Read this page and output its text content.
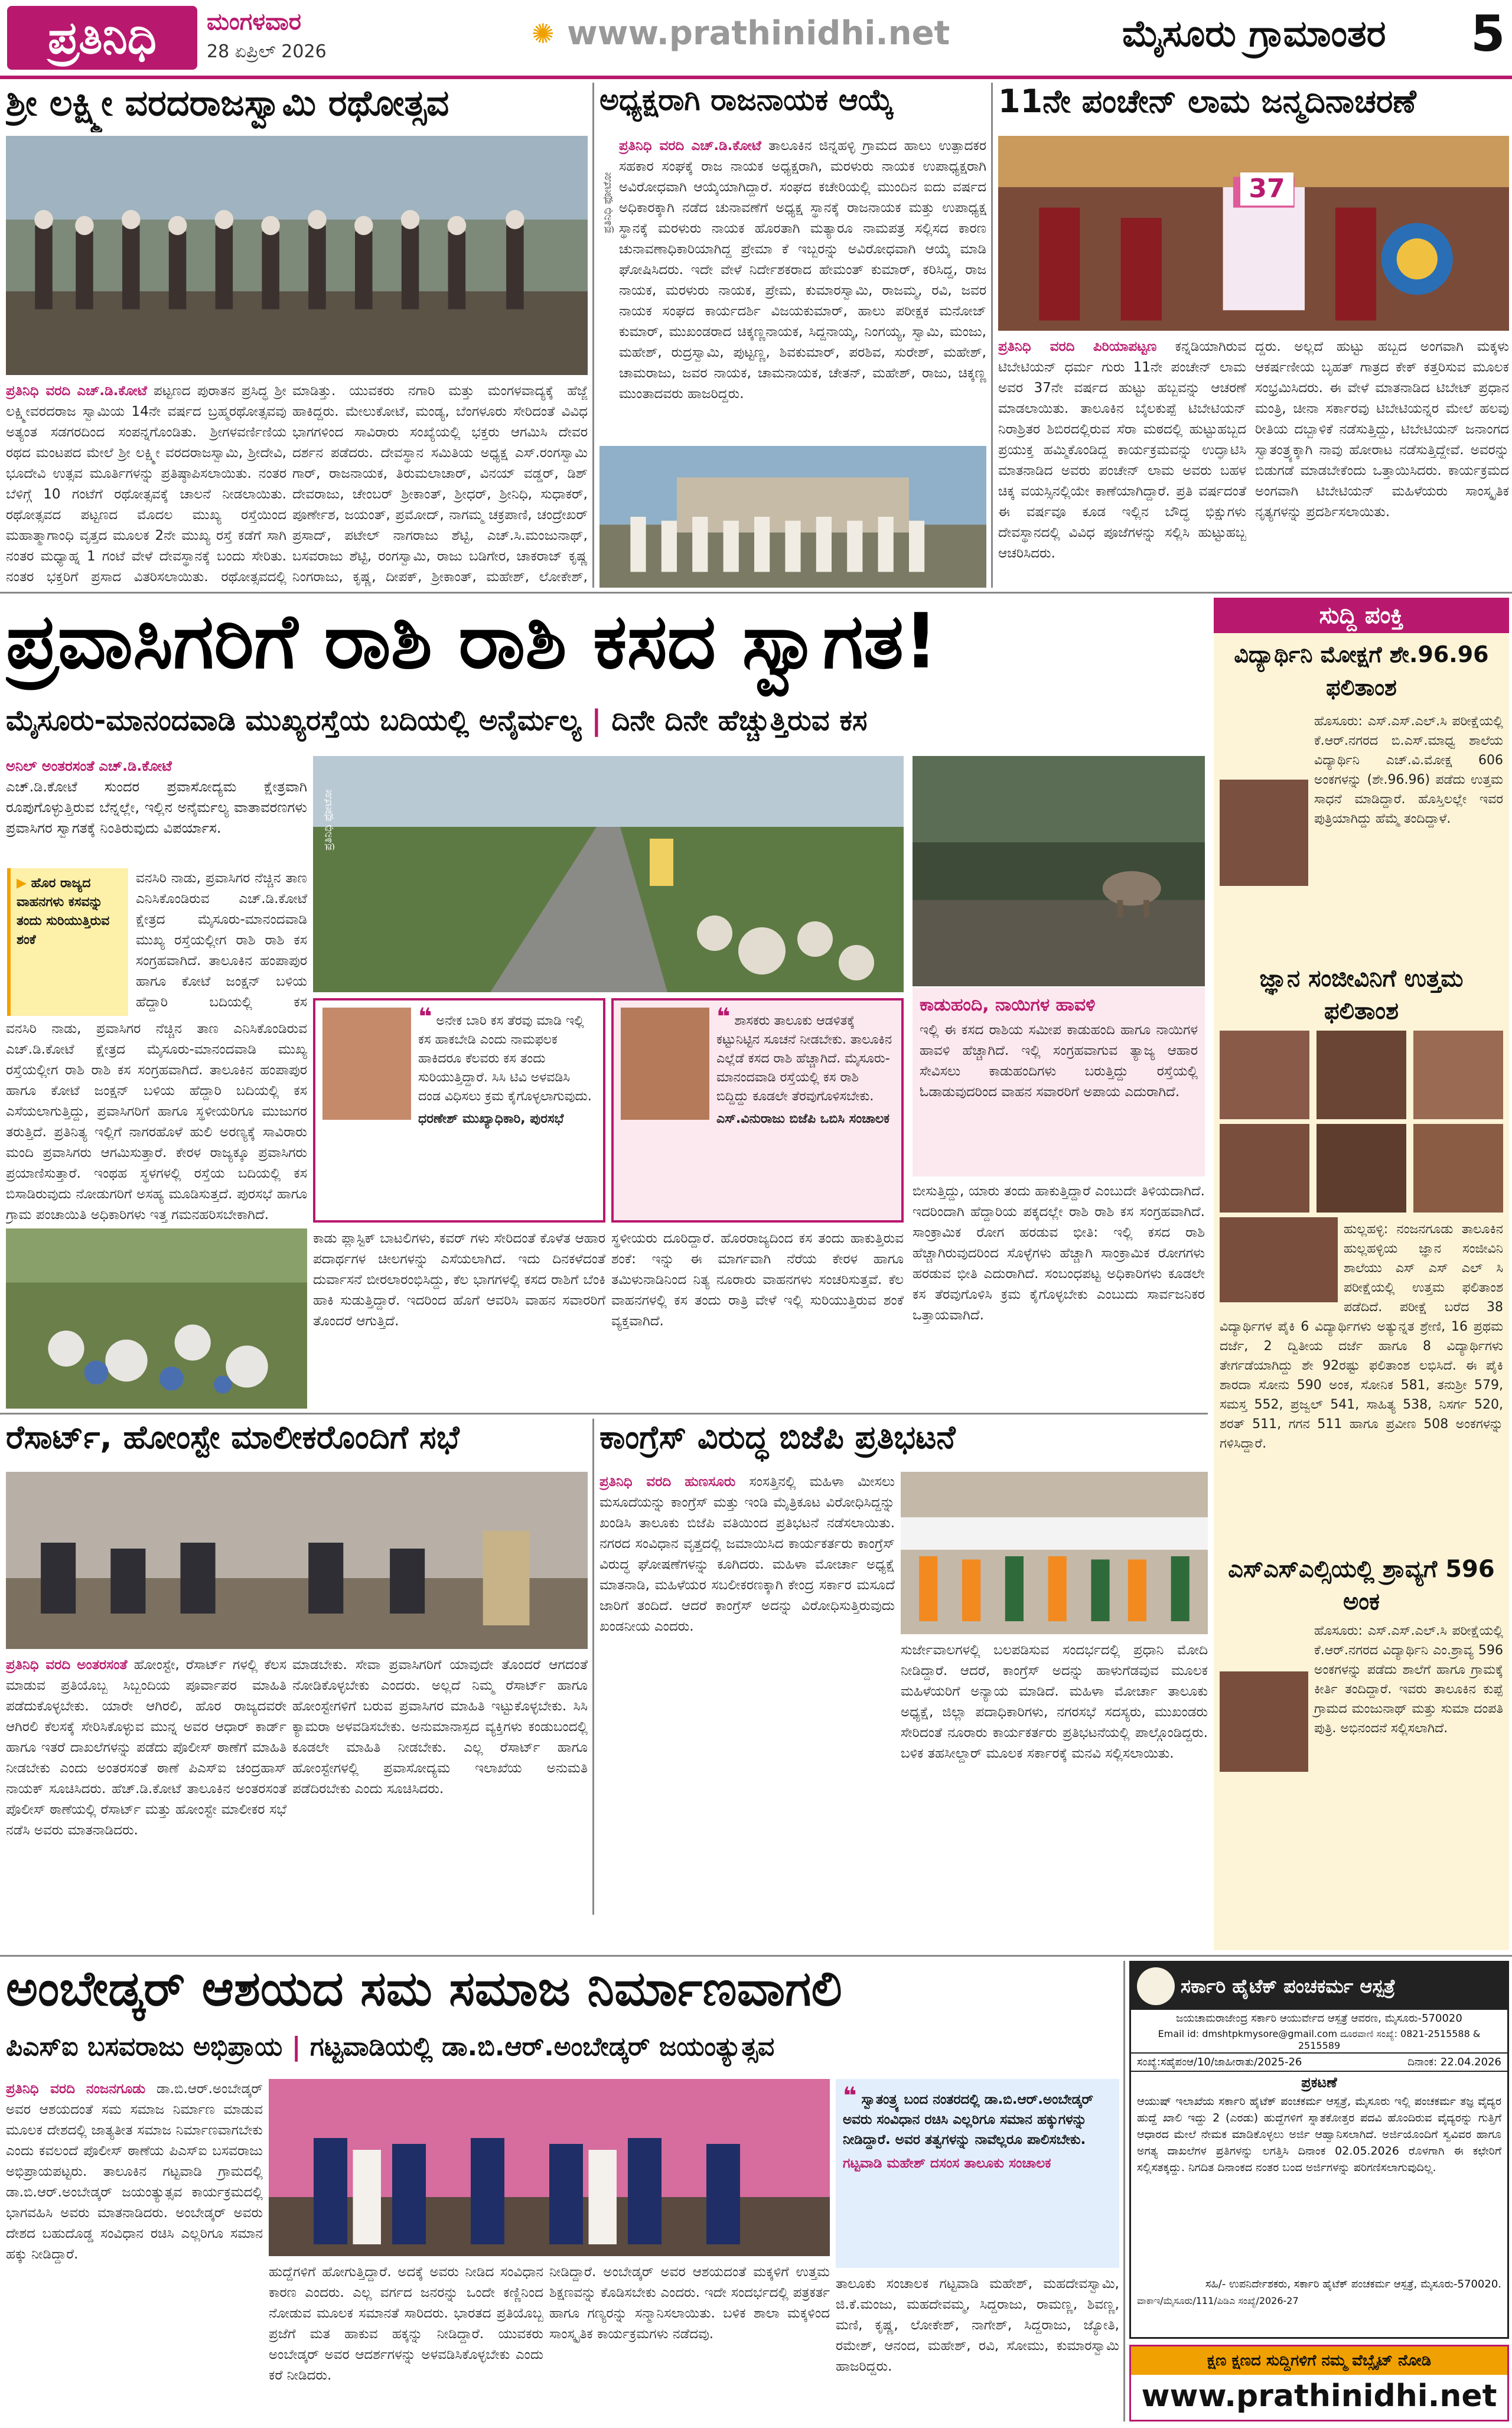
ಪ್ರತಿನಿಧಿ	ಮಂಗಳವಾರ
28 ಏಪ್ರಿಲ್ 2026
✺ www.prathinidhi.net	ಮೈಸೂರು ಗ್ರಾಮಾಂತರ 5
ಶ್ರೀ ಲಕ್ಷ್ಮೀ ವರದರಾಜಸ್ವಾಮಿ ರಥೋತ್ಸವ
ಪ್ರತಿನಿಧಿ ವರದಿ ಎಚ್.ಡಿ.ಕೋಟೆ ಪಟ್ಟಣದ ಪುರಾತನ ಪ್ರಸಿದ್ಧ ಶ್ರೀ ಲಕ್ಷ್ಮೀವರದರಾಜ ಸ್ವಾಮಿಯ 14ನೇ ವರ್ಷದ ಬ್ರಹ್ಮರಥೋತ್ಸವವು ಅತ್ಯಂತ ಸಡಗರದಿಂದ ಸಂಪನ್ನಗೊಂಡಿತು. ಶ್ರೀಗಳವರ್ಣಿಣಿಯ ರಥದ ಮಂಟಪದ ಮೇಲೆ ಶ್ರೀ ಲಕ್ಷ್ಮೀ ವರದರಾಜಸ್ವಾಮಿ, ಶ್ರೀದೇವಿ, ಭೂದೇವಿ ಉತ್ಸವ ಮೂರ್ತಿಗಳನ್ನು ಪ್ರತಿಷ್ಠಾಪಿಸಲಾಯಿತು. ನಂತರ ಬೆಳಿಗ್ಗೆ 10 ಗಂಟೆಗೆ ರಥೋತ್ಸವಕ್ಕೆ ಚಾಲನೆ ನೀಡಲಾಯಿತು. ರಥೋತ್ಸವದ ಪಟ್ಟಣದ ಮೊದಲ ಮುಖ್ಯ ರಸ್ತೆಯಿಂದ ಮಹಾತ್ಮಾಗಾಂಧಿ ವೃತ್ತದ ಮೂಲಕ 2ನೇ ಮುಖ್ಯ ರಸ್ತೆ ಕಡೆಗೆ ಸಾಗಿ ನಂತರ ಮಧ್ಯಾಹ್ನ 1 ಗಂಟೆ ವೇಳೆ ದೇವಸ್ಥಾನಕ್ಕೆ ಬಂದು ಸೇರಿತು. ನಂತರ ಭಕ್ತರಿಗೆ ಪ್ರಸಾದ ವಿತರಿಸಲಾಯಿತು. ರಥೋತ್ಸವದಲ್ಲಿ
ಮಾಡಿತ್ತು. ಯುವಕರು ನಗಾರಿ ಮತ್ತು ಮಂಗಳವಾದ್ಯಕ್ಕೆ ಹೆಜ್ಜೆ ಹಾಕಿದ್ದರು. ಮೇಲುಕೋಟೆ, ಮಂಡ್ಯ, ಬೆಂಗಳೂರು ಸೇರಿದಂತೆ ವಿವಿಧ ಭಾಗಗಳಿಂದ ಸಾವಿರಾರು ಸಂಖ್ಯೆಯಲ್ಲಿ ಭಕ್ತರು ಆಗಮಿಸಿ ದೇವರ ದರ್ಶನ ಪಡೆದರು. ದೇವಸ್ಥಾನ ಸಮಿತಿಯ ಅಧ್ಯಕ್ಷ ಎಸ್.ರಂಗಸ್ವಾಮಿ ಗಾರ್, ರಾಜನಾಯಕ, ತಿರುಮಲಾಚಾರ್, ವಿನಯ್ ವಡ್ಡರ್, ಡಿಶ್ ದೇವರಾಜು, ಚೇಂಬರ್ ಶ್ರೀಕಾಂತ್, ಶ್ರೀಧರ್, ಶ್ರೀನಿಧಿ, ಸುಧಾಕರ್, ಪೂರ್ಣೇಶ, ಜಯಂತ್, ಪ್ರಮೋದ್, ನಾಗಮ್ಮ ಚಕ್ರಪಾಣಿ, ಚಂದ್ರೇಖರ್ ಪ್ರಸಾದ್, ಪಟೇಲ್ ನಾಗರಾಜು ಶೆಟ್ಟಿ, ಎಚ್.ಸಿ.ಮಂಜುನಾಥ್, ಬಸವರಾಜು ಶೆಟ್ಟಿ, ರಂಗಸ್ವಾಮಿ, ರಾಜು ಬಡಿಗೇರ, ಚಾಕರಾಜ್ ಕೃಷ್ಣ ನಿಂಗರಾಜು, ಕೃಷ್ಣ, ದೀಪಕ್, ಶ್ರೀಕಾಂತ್, ಮಹೇಶ್, ಲೋಕೇಶ್,
ಅಧ್ಯಕ್ಷರಾಗಿ ರಾಜನಾಯಕ ಆಯ್ಕೆ
ಪ್ರತಿನಿಧಿ ಫೋಟೋ
ಪ್ರತಿನಿಧಿ ವರದಿ ಎಚ್.ಡಿ.ಕೋಟೆ ತಾಲೂಕಿನ ಜಿನ್ನಹಳ್ಳಿ ಗ್ರಾಮದ ಹಾಲು ಉತ್ಪಾದಕರ ಸಹಕಾರ ಸಂಘಕ್ಕೆ ರಾಜ ನಾಯಕ ಅಧ್ಯಕ್ಷರಾಗಿ, ಮರಳುರು ನಾಯಕ ಉಪಾಧ್ಯಕ್ಷರಾಗಿ ಅವಿರೋಧವಾಗಿ ಆಯ್ಕೆಯಾಗಿದ್ದಾರೆ. ಸಂಘದ ಕಚೇರಿಯಲ್ಲಿ ಮುಂದಿನ ಐದು ವರ್ಷದ ಅಧಿಕಾರಕ್ಕಾಗಿ ನಡೆದ ಚುನಾವಣೆಗೆ ಅಧ್ಯಕ್ಷ ಸ್ಥಾನಕ್ಕೆ ರಾಜನಾಯಕ ಮತ್ತು ಉಪಾಧ್ಯಕ್ಷ ಸ್ಥಾನಕ್ಕೆ ಮರಳುರು ನಾಯಕ ಹೊರತಾಗಿ ಮತ್ಯಾರೂ ನಾಮಪತ್ರ ಸಲ್ಲಿಸದ ಕಾರಣ ಚುನಾವಣಾಧಿಕಾರಿಯಾಗಿದ್ದ ಪ್ರೇಮಾ ಕೆ ಇಬ್ಬರನ್ನು ಅವಿರೋಧವಾಗಿ ಆಯ್ಕೆ ಮಾಡಿ ಘೋಷಿಸಿದರು. ಇದೇ ವೇಳೆ ನಿರ್ದೇಶಕರಾದ ಹೇಮಂತ್ ಕುಮಾರ್, ಕರಿಸಿದ್ದ, ರಾಜ ನಾಯಕ, ಮರಳುರು ನಾಯಕ, ಪ್ರೇಮ, ಕುಮಾರಸ್ವಾಮಿ, ರಾಜಮ್ಮ, ರವಿ, ಜವರ ನಾಯಕ ಸಂಘದ ಕಾರ್ಯದರ್ಶಿ ವಿಜಯಕುಮಾರ್, ಹಾಲು ಪರೀಕ್ಷಕ ಮನೋಜ್ ಕುಮಾರ್, ಮುಖಂಡರಾದ ಚಿಕ್ಕಣ್ಣನಾಯಕ, ಸಿದ್ದನಾಯ್ಕ, ನಿಂಗಯ್ಯ, ಸ್ವಾಮಿ, ಮಂಜು, ಮಹೇಶ್, ರುದ್ರಸ್ವಾಮಿ, ಪುಟ್ಟಣ್ಣ, ಶಿವಕುಮಾರ್, ಪರಶಿವ, ಸುರೇಶ್, ಮಹೇಶ್, ಚಾಮರಾಜು, ಜವರ ನಾಯಕ, ಚಾಮನಾಯಕ, ಚೇತನ್, ಮಹೇಶ್, ರಾಜು, ಚಿಕ್ಕಣ್ಣ ಮುಂತಾದವರು ಹಾಜರಿದ್ದರು.
11ನೇ ಪಂಚೇನ್ ಲಾಮ ಜನ್ಮದಿನಾಚರಣೆ
37
ಪ್ರತಿನಿಧಿ ವರದಿ ಪಿರಿಯಾಪಟ್ಟಣ ಕನ್ನಡಿಯಾಗಿರುವ ಟಿಬೇಟಿಯನ್ ಧರ್ಮ ಗುರು 11ನೇ ಪಂಚೇನ್ ಲಾಮ ಅವರ 37ನೇ ವರ್ಷದ ಹುಟ್ಟು ಹಬ್ಬವನ್ನು ಆಚರಣೆ ಮಾಡಲಾಯಿತು. ತಾಲೂಕಿನ ಬೈಲಕುಪ್ಪೆ ಟಿಬೇಟಿಯನ್ ನಿರಾಶ್ರಿತರ ಶಿಬಿರದಲ್ಲಿರುವ ಸೆರಾ ಮಠದಲ್ಲಿ ಹುಟ್ಟುಹಬ್ಬದ ಪ್ರಯುಕ್ತ ಹಮ್ಮಿಕೊಂಡಿದ್ದ ಕಾರ್ಯಕ್ರಮವನ್ನು ಉದ್ಘಾಟಿಸಿ ಮಾತನಾಡಿದ ಅವರು ಪಂಚೇನ್ ಲಾಮ ಅವರು ಬಹಳ ಚಿಕ್ಕ ವಯಸ್ಸಿನಲ್ಲಿಯೇ ಕಾಣೆಯಾಗಿದ್ದಾರೆ. ಪ್ರತಿ ವರ್ಷದಂತೆ ಈ ವರ್ಷವೂ ಕೂಡ ಇಲ್ಲಿನ ಬೌದ್ಧ ಭಿಕ್ಷುಗಳು ದೇವಸ್ಥಾನದಲ್ಲಿ ವಿವಿಧ ಪೂಜೆಗಳನ್ನು ಸಲ್ಲಿಸಿ ಹುಟ್ಟುಹಬ್ಬ ಆಚರಿಸಿದರು.
ದ್ದರು. ಅಲ್ಲದೆ ಹುಟ್ಟು ಹಬ್ಬದ ಅಂಗವಾಗಿ ಮಕ್ಕಳು ಆಕರ್ಷಣೀಯ ಬೃಹತ್ ಗಾತ್ರದ ಕೇಕ್ ಕತ್ತರಿಸುವ ಮೂಲಕ ಸಂಭ್ರಮಿಸಿದರು. ಈ ವೇಳೆ ಮಾತನಾಡಿದ ಟಿಬೇಟ್ ಪ್ರಧಾನ ಮಂತ್ರಿ, ಚೀನಾ ಸರ್ಕಾರವು ಟಿಬೇಟಿಯನ್ನರ ಮೇಲೆ ಹಲವು ರೀತಿಯ ದಬ್ಬಾಳಿಕೆ ನಡೆಸುತ್ತಿದ್ದು, ಟಿಬೇಟಿಯನ್ ಜನಾಂಗದ ಸ್ವಾತಂತ್ರ್ಯಕ್ಕಾಗಿ ನಾವು ಹೋರಾಟ ನಡೆಸುತ್ತಿದ್ದೇವೆ. ಅವರನ್ನು ಬಿಡುಗಡೆ ಮಾಡಬೇಕೆಂದು ಒತ್ತಾಯಿಸಿದರು. ಕಾರ್ಯಕ್ರಮದ ಅಂಗವಾಗಿ ಟಿಬೇಟಿಯನ್ ಮಹಿಳೆಯರು ಸಾಂಸ್ಕೃತಿಕ ನೃತ್ಯಗಳನ್ನು ಪ್ರದರ್ಶಿಸಲಾಯಿತು.
ಪ್ರವಾಸಿಗರಿಗೆ ರಾಶಿ ರಾಶಿ ಕಸದ ಸ್ವಾಗತ!
ಮೈಸೂರು-ಮಾನಂದವಾಡಿ ಮುಖ್ಯರಸ್ತೆಯ ಬದಿಯಲ್ಲಿ ಅನೈರ್ಮಲ್ಯ | ದಿನೇ ದಿನೇ ಹೆಚ್ಚುತ್ತಿರುವ ಕಸ
ಅನಿಲ್ ಅಂತರಸಂತೆ ಎಚ್.ಡಿ.ಕೋಟೆ
ಎಚ್.ಡಿ.ಕೋಟೆ ಸುಂದರ ಪ್ರವಾಸೋದ್ಯಮ ಕ್ಷೇತ್ರವಾಗಿ ರೂಪುಗೊಳ್ಳುತ್ತಿರುವ ಬೆನ್ನಲ್ಲೇ, ಇಲ್ಲಿನ ಅನೈರ್ಮಲ್ಯ ವಾತಾವರಣಗಳು ಪ್ರವಾಸಿಗರ ಸ್ವಾಗತಕ್ಕೆ ನಿಂತಿರುವುದು ವಿಪರ್ಯಾಸ.
▶ ಹೊರ ರಾಜ್ಯದ ವಾಹನಗಳು ಕಸವನ್ನು ತಂದು ಸುರಿಯುತ್ತಿರುವ ಶಂಕೆ
ವನಸಿರಿ ನಾಡು, ಪ್ರವಾಸಿಗರ ನೆಚ್ಚಿನ ತಾಣ ಎನಿಸಿಕೊಂಡಿರುವ ಎಚ್.ಡಿ.ಕೋಟೆ ಕ್ಷೇತ್ರದ ಮೈಸೂರು-ಮಾನಂದವಾಡಿ ಮುಖ್ಯ ರಸ್ತೆಯಲ್ಲೀಗ ರಾಶಿ ರಾಶಿ ಕಸ ಸಂಗ್ರಹವಾಗಿದೆ. ತಾಲೂಕಿನ ಹಂಪಾಪುರ ಹಾಗೂ ಕೋಟೆ ಜಂಕ್ಷನ್ ಬಳಿಯ ಹೆದ್ದಾರಿ ಬದಿಯಲ್ಲಿ ಕಸ
ವನಸಿರಿ ನಾಡು, ಪ್ರವಾಸಿಗರ ನೆಚ್ಚಿನ ತಾಣ ಎನಿಸಿಕೊಂಡಿರುವ ಎಚ್.ಡಿ.ಕೋಟೆ ಕ್ಷೇತ್ರದ ಮೈಸೂರು-ಮಾನಂದವಾಡಿ ಮುಖ್ಯ ರಸ್ತೆಯಲ್ಲೀಗ ರಾಶಿ ರಾಶಿ ಕಸ ಸಂಗ್ರಹವಾಗಿದೆ. ತಾಲೂಕಿನ ಹಂಪಾಪುರ ಹಾಗೂ ಕೋಟೆ ಜಂಕ್ಷನ್ ಬಳಿಯ ಹೆದ್ದಾರಿ ಬದಿಯಲ್ಲಿ ಕಸ ಎಸೆಯಲಾಗುತ್ತಿದ್ದು, ಪ್ರವಾಸಿಗರಿಗೆ ಹಾಗೂ ಸ್ಥಳೀಯರಿಗೂ ಮುಜುಗರ ತರುತ್ತಿದೆ. ಪ್ರತಿನಿತ್ಯ ಇಲ್ಲಿಗೆ ನಾಗರಹೊಳೆ ಹುಲಿ ಅರಣ್ಯಕ್ಕೆ ಸಾವಿರಾರು ಮಂದಿ ಪ್ರವಾಸಿಗರು ಆಗಮಿಸುತ್ತಾರೆ. ಕೇರಳ ರಾಜ್ಯಕ್ಕೂ ಪ್ರವಾಸಿಗರು ಪ್ರಯಾಣಿಸುತ್ತಾರೆ. ಇಂಥಹ ಸ್ಥಳಗಳಲ್ಲಿ ರಸ್ತೆಯ ಬದಿಯಲ್ಲಿ ಕಸ ಬಿಸಾಡಿರುವುದು ನೋಡುಗರಿಗೆ ಅಸಹ್ಯ ಮೂಡಿಸುತ್ತದೆ. ಪುರಸಭೆ ಹಾಗೂ ಗ್ರಾಮ ಪಂಚಾಯಿತಿ ಅಧಿಕಾರಿಗಳು ಇತ್ತ ಗಮನಹರಿಸಬೇಕಾಗಿದೆ.
ಪ್ರತಿನಿಧಿ ಫೋಟೋ
ಕಾಡುಹಂದಿ, ನಾಯಿಗಳ ಹಾವಳಿ
ಇಲ್ಲಿ ಈ ಕಸದ ರಾಶಿಯ ಸಮೀಪ ಕಾಡುಹಂದಿ ಹಾಗೂ ನಾಯಿಗಳ ಹಾವಳಿ ಹೆಚ್ಚಾಗಿದೆ. ಇಲ್ಲಿ ಸಂಗ್ರಹವಾಗುವ ತ್ಯಾಜ್ಯ ಆಹಾರ ಸೇವಿಸಲು ಕಾಡುಹಂದಿಗಳು ಬರುತ್ತಿದ್ದು ರಸ್ತೆಯಲ್ಲಿ ಓಡಾಡುವುದರಿಂದ ವಾಹನ ಸವಾರರಿಗೆ ಅಪಾಯ ಎದುರಾಗಿದೆ.
❝ ಅನೇಕ ಬಾರಿ ಕಸ ತೆರವು ಮಾಡಿ ಇಲ್ಲಿ ಕಸ ಹಾಕಬೇಡಿ ಎಂದು ನಾಮಫಲಕ ಹಾಕಿದರೂ ಕೆಲವರು ಕಸ ತಂದು ಸುರಿಯುತ್ತಿದ್ದಾರೆ. ಸಿಸಿ ಟಿವಿ ಅಳವಡಿಸಿ ದಂಡ ವಿಧಿಸಲು ಕ್ರಮ ಕೈಗೊಳ್ಳಲಾಗುವುದು.
ಧರಣೇಶ್ ಮುಖ್ಯಾಧಿಕಾರಿ, ಪುರಸಭೆ
❝ ಶಾಸಕರು ತಾಲೂಕು ಆಡಳಿತಕ್ಕೆ ಕಟ್ಟುನಿಟ್ಟಿನ ಸೂಚನೆ ನೀಡಬೇಕು. ತಾಲೂಕಿನ ಎಲ್ಲೆಡೆ ಕಸದ ರಾಶಿ ಹೆಚ್ಚಾಗಿದೆ. ಮೈಸೂರು-ಮಾನಂದವಾಡಿ ರಸ್ತೆಯಲ್ಲಿ ಕಸ ರಾಶಿ ಬಿದ್ದಿದ್ದು ಕೂಡಲೇ ತೆರವುಗೊಳಿಸಬೇಕು.
ಎಸ್.ವಿನುರಾಜು ಬಿಜೆಪಿ ಒಬಿಸಿ ಸಂಚಾಲಕ
ಕಾಡು ಪ್ಲಾಸ್ಟಿಕ್ ಬಾಟಲಿಗಳು, ಕವರ್ ಗಳು ಸೇರಿದಂತೆ ಕೊಳೆತ ಆಹಾರ ಪದಾರ್ಥಗಳ ಚೀಲಗಳನ್ನು ಎಸೆಯಲಾಗಿದೆ. ಇದು ದಿನಕಳೆದಂತೆ ದುರ್ವಾಸನೆ ಬೀರಲಾರಂಭಿಸಿದ್ದು, ಕೆಲ ಭಾಗಗಳಲ್ಲಿ ಕಸದ ರಾಶಿಗೆ ಬೆಂಕಿ ಹಾಕಿ ಸುಡುತ್ತಿದ್ದಾರೆ. ಇದರಿಂದ ಹೊಗೆ ಆವರಿಸಿ ವಾಹನ ಸವಾರರಿಗೆ ತೊಂದರೆ ಆಗುತ್ತಿದೆ.
ಸ್ಥಳೀಯರು ದೂರಿದ್ದಾರೆ. ಹೊರರಾಜ್ಯದಿಂದ ಕಸ ತಂದು ಹಾಕುತ್ತಿರುವ ಶಂಕೆ: ಇನ್ನು ಈ ಮಾರ್ಗವಾಗಿ ನೆರೆಯ ಕೇರಳ ಹಾಗೂ ತಮಿಳುನಾಡಿನಿಂದ ನಿತ್ಯ ನೂರಾರು ವಾಹನಗಳು ಸಂಚರಿಸುತ್ತವೆ. ಕೆಲ ವಾಹನಗಳಲ್ಲಿ ಕಸ ತಂದು ರಾತ್ರಿ ವೇಳೆ ಇಲ್ಲಿ ಸುರಿಯುತ್ತಿರುವ ಶಂಕೆ ವ್ಯಕ್ತವಾಗಿದೆ.
ಬೀಸುತ್ತಿದ್ದು, ಯಾರು ತಂದು ಹಾಕುತ್ತಿದ್ದಾರೆ ಎಂಬುದೇ ತಿಳಿಯದಾಗಿದೆ. ಇದರಿಂದಾಗಿ ಹೆದ್ದಾರಿಯ ಪಕ್ಕದಲ್ಲೇ ರಾಶಿ ರಾಶಿ ಕಸ ಸಂಗ್ರಹವಾಗಿದೆ. ಸಾಂಕ್ರಾಮಿಕ ರೋಗ ಹರಡುವ ಭೀತಿ: ಇಲ್ಲಿ ಕಸದ ರಾಶಿ ಹೆಚ್ಚಾಗಿರುವುದರಿಂದ ಸೊಳ್ಳೆಗಳು ಹೆಚ್ಚಾಗಿ ಸಾಂಕ್ರಾಮಿಕ ರೋಗಗಳು ಹರಡುವ ಭೀತಿ ಎದುರಾಗಿದೆ. ಸಂಬಂಧಪಟ್ಟ ಅಧಿಕಾರಿಗಳು ಕೂಡಲೇ ಕಸ ತೆರವುಗೊಳಿಸಿ ಕ್ರಮ ಕೈಗೊಳ್ಳಬೇಕು ಎಂಬುದು ಸಾರ್ವಜನಿಕರ ಒತ್ತಾಯವಾಗಿದೆ.
ಸುದ್ದಿ ಪಂಕ್ತಿ
ವಿದ್ಯಾರ್ಥಿನಿ ಮೋಕ್ಷಗೆ ಶೇ.96.96 ಫಲಿತಾಂಶ
ಹೊಸೂರು: ಎಸ್.ಎಸ್.ಎಲ್.ಸಿ ಪರೀಕ್ಷೆಯಲ್ಲಿ ಕೆ.ಆರ್.ನಗರದ ಬಿ.ಎಸ್.ಮಾಧ್ವ ಶಾಲೆಯ ವಿದ್ಯಾರ್ಥಿನಿ ಎಚ್.ವಿ.ಮೋಕ್ಷ 606 ಅಂಕಗಳನ್ನು (ಶೇ.96.96) ಪಡೆದು ಉತ್ತಮ ಸಾಧನೆ ಮಾಡಿದ್ದಾರೆ. ಹೊಸ್ತಿಲಲ್ಲೇ ಇವರ ಪುತ್ರಿಯಾಗಿದ್ದು ಹೆಮ್ಮೆ ತಂದಿದ್ದಾಳೆ.
ಜ್ಞಾನ ಸಂಜೀವಿನಿಗೆ ಉತ್ತಮ ಫಲಿತಾಂಶ
ಹುಲ್ಲಹಳ್ಳಿ: ನಂಜನಗೂಡು ತಾಲೂಕಿನ ಹುಲ್ಲಹಳ್ಳಿಯ ಜ್ಞಾನ ಸಂಜೀವಿನಿ ಶಾಲೆಯು ಎಸ್ ಎಸ್ ಎಲ್ ಸಿ ಪರೀಕ್ಷೆಯಲ್ಲಿ ಉತ್ತಮ ಫಲಿತಾಂಶ ಪಡೆದಿದೆ. ಪರೀಕ್ಷೆ ಬರೆದ 38 ವಿದ್ಯಾರ್ಥಿಗಳ ಪೈಕಿ 6 ವಿದ್ಯಾರ್ಥಿಗಳು ಅತ್ಯುನ್ನತ ಶ್ರೇಣಿ, 16 ಪ್ರಥಮ ದರ್ಜೆ, 2 ದ್ವಿತೀಯ ದರ್ಜೆ ಹಾಗೂ 8 ವಿದ್ಯಾರ್ಥಿಗಳು ತೇರ್ಗಡೆಯಾಗಿದ್ದು ಶೇ 92ರಷ್ಟು ಫಲಿತಾಂಶ ಲಭಿಸಿದೆ. ಈ ಪೈಕಿ ಶಾರದಾ ಸೋನು 590 ಅಂಕ, ಸೋನಿಕ 581, ತನುಶ್ರೀ 579, ಸಮಸ್ತ 552, ಪ್ರಜ್ವಲ್ 541, ಸಾಹಿತ್ಯ 538, ನಿಸರ್ಗ 520, ಶರತ್ 511, ಗಗನ 511 ಹಾಗೂ ಪ್ರವೀಣ 508 ಅಂಕಗಳನ್ನು ಗಳಿಸಿದ್ದಾರೆ.
ಎಸ್ಎಸ್ಎಲ್ಸಿಯಲ್ಲಿ ಶ್ರಾವ್ಯಗೆ 596 ಅಂಕ
ಹೊಸೂರು: ಎಸ್.ಎಸ್.ಎಲ್.ಸಿ ಪರೀಕ್ಷೆಯಲ್ಲಿ ಕೆ.ಆರ್.ನಗರದ ವಿದ್ಯಾರ್ಥಿನಿ ಎಂ.ಶ್ರಾವ್ಯ 596 ಅಂಕಗಳನ್ನು ಪಡೆದು ಶಾಲೆಗೆ ಹಾಗೂ ಗ್ರಾಮಕ್ಕೆ ಕೀರ್ತಿ ತಂದಿದ್ದಾರೆ. ಇವರು ತಾಲೂಕಿನ ಕುಪ್ಪೆ ಗ್ರಾಮದ ಮಂಜುನಾಥ್ ಮತ್ತು ಸುಮಾ ದಂಪತಿ ಪುತ್ರಿ. ಅಭಿನಂದನೆ ಸಲ್ಲಿಸಲಾಗಿದೆ.
ರೆಸಾರ್ಟ್, ಹೋಂಸ್ಟೇ ಮಾಲೀಕರೊಂದಿಗೆ ಸಭೆ
ಪ್ರತಿನಿಧಿ ವರದಿ ಅಂತರಸಂತೆ ಹೋಂಸ್ಟೇ, ರೆಸಾರ್ಟ್ ಗಳಲ್ಲಿ ಕೆಲಸ ಮಾಡುವ ಪ್ರತಿಯೊಬ್ಬ ಸಿಬ್ಬಂದಿಯ ಪೂರ್ವಾಪರ ಮಾಹಿತಿ ಪಡೆದುಕೊಳ್ಳಬೇಕು. ಯಾರೇ ಆಗಿರಲಿ, ಹೊರ ರಾಜ್ಯದವರೇ ಆಗಿರಲಿ ಕೆಲಸಕ್ಕೆ ಸೇರಿಸಿಕೊಳ್ಳುವ ಮುನ್ನ ಅವರ ಆಧಾರ್ ಕಾರ್ಡ್ ಹಾಗೂ ಇತರೆ ದಾಖಲೆಗಳನ್ನು ಪಡೆದು ಪೊಲೀಸ್ ಠಾಣೆಗೆ ಮಾಹಿತಿ ನೀಡಬೇಕು ಎಂದು ಅಂತರಸಂತೆ ಠಾಣೆ ಪಿಎಸ್ಐ ಚಂದ್ರಹಾಸ್ ನಾಯಕ್ ಸೂಚಿಸಿದರು. ಹೆಚ್.ಡಿ.ಕೋಟೆ ತಾಲೂಕಿನ ಅಂತರಸಂತೆ ಪೊಲೀಸ್ ಠಾಣೆಯಲ್ಲಿ ರೆಸಾರ್ಟ್ ಮತ್ತು ಹೋಂಸ್ಟೇ ಮಾಲೀಕರ ಸಭೆ ನಡೆಸಿ ಅವರು ಮಾತನಾಡಿದರು.
ಮಾಡಬೇಕು. ಸೇವಾ ಪ್ರವಾಸಿಗರಿಗೆ ಯಾವುದೇ ತೊಂದರೆ ಆಗದಂತೆ ನೋಡಿಕೊಳ್ಳಬೇಕು ಎಂದರು. ಅಲ್ಲದೆ ನಿಮ್ಮ ರೆಸಾರ್ಟ್ ಹಾಗೂ ಹೋಂಸ್ಟೇಗಳಿಗೆ ಬರುವ ಪ್ರವಾಸಿಗರ ಮಾಹಿತಿ ಇಟ್ಟುಕೊಳ್ಳಬೇಕು. ಸಿಸಿ ಕ್ಯಾಮರಾ ಅಳವಡಿಸಬೇಕು. ಅನುಮಾನಾಸ್ಪದ ವ್ಯಕ್ತಿಗಳು ಕಂಡುಬಂದಲ್ಲಿ ಕೂಡಲೇ ಮಾಹಿತಿ ನೀಡಬೇಕು. ಎಲ್ಲ ರೆಸಾರ್ಟ್ ಹಾಗೂ ಹೋಂಸ್ಟೇಗಳಲ್ಲಿ ಪ್ರವಾಸೋದ್ಯಮ ಇಲಾಖೆಯ ಅನುಮತಿ ಪಡೆದಿರಬೇಕು ಎಂದು ಸೂಚಿಸಿದರು.
ಕಾಂಗ್ರೆಸ್ ವಿರುದ್ಧ ಬಿಜೆಪಿ ಪ್ರತಿಭಟನೆ
ಪ್ರತಿನಿಧಿ ವರದಿ ಹುಣಸೂರು ಸಂಸತ್ತಿನಲ್ಲಿ ಮಹಿಳಾ ಮೀಸಲು ಮಸೂದೆಯನ್ನು ಕಾಂಗ್ರೆಸ್ ಮತ್ತು ಇಂಡಿ ಮೈತ್ರಿಕೂಟ ವಿರೋಧಿಸಿದ್ದನ್ನು ಖಂಡಿಸಿ ತಾಲೂಕು ಬಿಜೆಪಿ ವತಿಯಿಂದ ಪ್ರತಿಭಟನೆ ನಡೆಸಲಾಯಿತು. ನಗರದ ಸಂವಿಧಾನ ವೃತ್ತದಲ್ಲಿ ಜಮಾಯಿಸಿದ ಕಾರ್ಯಕರ್ತರು ಕಾಂಗ್ರೆಸ್ ವಿರುದ್ಧ ಘೋಷಣೆಗಳನ್ನು ಕೂಗಿದರು. ಮಹಿಳಾ ಮೋರ್ಚಾ ಅಧ್ಯಕ್ಷೆ ಮಾತನಾಡಿ, ಮಹಿಳೆಯರ ಸಬಲೀಕರಣಕ್ಕಾಗಿ ಕೇಂದ್ರ ಸರ್ಕಾರ ಮಸೂದೆ ಜಾರಿಗೆ ತಂದಿದೆ. ಆದರೆ ಕಾಂಗ್ರೆಸ್ ಅದನ್ನು ವಿರೋಧಿಸುತ್ತಿರುವುದು ಖಂಡನೀಯ ಎಂದರು.
ಸುರ್ಜೇವಾಲಗಳಲ್ಲಿ ಬಲಪಡಿಸುವ ಸಂದರ್ಭದಲ್ಲಿ ಪ್ರಧಾನಿ ಮೋದಿ ನೀಡಿದ್ದಾರೆ. ಆದರೆ, ಕಾಂಗ್ರೆಸ್ ಅದನ್ನು ಹಾಳುಗೆಡವುವ ಮೂಲಕ ಮಹಿಳೆಯರಿಗೆ ಅನ್ಯಾಯ ಮಾಡಿದೆ. ಮಹಿಳಾ ಮೋರ್ಚಾ ತಾಲೂಕು ಅಧ್ಯಕ್ಷೆ, ಜಿಲ್ಲಾ ಪದಾಧಿಕಾರಿಗಳು, ನಗರಸಭೆ ಸದಸ್ಯರು, ಮುಖಂಡರು ಸೇರಿದಂತೆ ನೂರಾರು ಕಾರ್ಯಕರ್ತರು ಪ್ರತಿಭಟನೆಯಲ್ಲಿ ಪಾಲ್ಗೊಂಡಿದ್ದರು. ಬಳಿಕ ತಹಸೀಲ್ದಾರ್ ಮೂಲಕ ಸರ್ಕಾರಕ್ಕೆ ಮನವಿ ಸಲ್ಲಿಸಲಾಯಿತು.
ಅಂಬೇಡ್ಕರ್ ಆಶಯದ ಸಮ ಸಮಾಜ ನಿರ್ಮಾಣವಾಗಲಿ
ಪಿಎಸ್ಐ ಬಸವರಾಜು ಅಭಿಪ್ರಾಯ | ಗಟ್ಟವಾಡಿಯಲ್ಲಿ ಡಾ.ಬಿ.ಆರ್.ಅಂಬೇಡ್ಕರ್ ಜಯಂತ್ಯುತ್ಸವ
ಪ್ರತಿನಿಧಿ ವರದಿ ನಂಜನಗೂಡು ಡಾ.ಬಿ.ಆರ್.ಅಂಬೇಡ್ಕರ್ ಅವರ ಆಶಯದಂತೆ ಸಮ ಸಮಾಜ ನಿರ್ಮಾಣ ಮಾಡುವ ಮೂಲಕ ದೇಶದಲ್ಲಿ ಜಾತ್ಯತೀತ ಸಮಾಜ ನಿರ್ಮಾಣವಾಗಬೇಕು ಎಂದು ಕವಲಂದೆ ಪೊಲೀಸ್ ಠಾಣೆಯ ಪಿಎಸ್ಐ ಬಸವರಾಜು ಅಭಿಪ್ರಾಯಪಟ್ಟರು. ತಾಲೂಕಿನ ಗಟ್ಟವಾಡಿ ಗ್ರಾಮದಲ್ಲಿ ಡಾ.ಬಿ.ಆರ್.ಅಂಬೇಡ್ಕರ್ ಜಯಂತ್ಯುತ್ಸವ ಕಾರ್ಯಕ್ರಮದಲ್ಲಿ ಭಾಗವಹಿಸಿ ಅವರು ಮಾತನಾಡಿದರು. ಅಂಬೇಡ್ಕರ್ ಅವರು ದೇಶದ ಬಹುದೊಡ್ಡ ಸಂವಿಧಾನ ರಚಿಸಿ ಎಲ್ಲರಿಗೂ ಸಮಾನ ಹಕ್ಕು ನೀಡಿದ್ದಾರೆ.
ಹುದ್ದೆಗಳಿಗೆ ಹೋಗುತ್ತಿದ್ದಾರೆ. ಅದಕ್ಕೆ ಅವರು ನೀಡಿದ ಸಂವಿಧಾನ ಕಾರಣ ಎಂದರು. ಎಲ್ಲ ವರ್ಗದ ಜನರನ್ನು ಒಂದೇ ಕಣ್ಣಿನಿಂದ ನೋಡುವ ಮೂಲಕ ಸಮಾನತೆ ಸಾರಿದರು. ಭಾರತದ ಪ್ರತಿಯೊಬ್ಬ ಪ್ರಜೆಗೆ ಮತ ಹಾಕುವ ಹಕ್ಕನ್ನು ನೀಡಿದ್ದಾರೆ. ಯುವಕರು ಅಂಬೇಡ್ಕರ್ ಅವರ ಆದರ್ಶಗಳನ್ನು ಅಳವಡಿಸಿಕೊಳ್ಳಬೇಕು ಎಂದು ಕರೆ ನೀಡಿದರು.
ನೀಡಿದ್ದಾರೆ. ಅಂಬೇಡ್ಕರ್ ಅವರ ಆಶಯದಂತೆ ಮಕ್ಕಳಿಗೆ ಉತ್ತಮ ಶಿಕ್ಷಣವನ್ನು ಕೊಡಿಸಬೇಕು ಎಂದರು. ಇದೇ ಸಂದರ್ಭದಲ್ಲಿ ಪತ್ರಕರ್ತ ಹಾಗೂ ಗಣ್ಯರನ್ನು ಸನ್ಮಾನಿಸಲಾಯಿತು. ಬಳಿಕ ಶಾಲಾ ಮಕ್ಕಳಿಂದ ಸಾಂಸ್ಕೃತಿಕ ಕಾರ್ಯಕ್ರಮಗಳು ನಡೆದವು.
❝ ಸ್ವಾತಂತ್ರ್ಯ ಬಂದ ನಂತರದಲ್ಲಿ ಡಾ.ಬಿ.ಆರ್.ಅಂಬೇಡ್ಕರ್ ಅವರು ಸಂವಿಧಾನ ರಚಿಸಿ ಎಲ್ಲರಿಗೂ ಸಮಾನ ಹಕ್ಕುಗಳನ್ನು ನೀಡಿದ್ದಾರೆ. ಅವರ ತತ್ವಗಳನ್ನು ನಾವೆಲ್ಲರೂ ಪಾಲಿಸಬೇಕು.
ಗಟ್ಟವಾಡಿ ಮಹೇಶ್ ದಸಂಸ ತಾಲೂಕು ಸಂಚಾಲಕ
ತಾಲೂಕು ಸಂಚಾಲಕ ಗಟ್ಟವಾಡಿ ಮಹೇಶ್, ಮಹದೇವಸ್ವಾಮಿ, ಜಿ.ಕೆ.ಮಂಜು, ಮಹದೇವಮ್ಮ, ಸಿದ್ದರಾಜು, ರಾಮಣ್ಣ, ಶಿವಣ್ಣ, ಮಣಿ, ಕೃಷ್ಣ, ಲೋಕೇಶ್, ನಾಗೇಶ್, ಸಿದ್ದರಾಜು, ಜ್ಯೋತಿ, ರಮೇಶ್, ಆನಂದ, ಮಹೇಶ್, ರವಿ, ಸೋಮು, ಕುಮಾರಸ್ವಾಮಿ ಹಾಜರಿದ್ದರು.
ಸರ್ಕಾರಿ ಹೈಟೆಕ್ ಪಂಚಕರ್ಮ ಆಸ್ಪತ್ರೆ
ಜಯಚಾಮರಾಜೇಂದ್ರ ಸರ್ಕಾರಿ ಆಯುರ್ವೇದ ಆಸ್ಪತ್ರೆ ಆವರಣ, ಮೈಸೂರು-570020
Email id: dmshtpkmysore@gmail.com ದೂರವಾಣಿ ಸಂಖ್ಯೆ: 0821-2515588 & 2515589
ಸಂಖ್ಯೆ:ಸಹೈಪಂಆ/10/ಜಾಹೀರಾತು/2025-26	ದಿನಾಂಕ: 22.04.2026
ಪ್ರಕಟಣೆ
ಆಯುಷ್ ಇಲಾಖೆಯ ಸರ್ಕಾರಿ ಹೈಟೆಕ್ ಪಂಚಕರ್ಮ ಆಸ್ಪತ್ರೆ, ಮೈಸೂರು ಇಲ್ಲಿ ಪಂಚಕರ್ಮ ತಜ್ಞ ವೈದ್ಯರ ಹುದ್ದೆ ಖಾಲಿ ಇದ್ದು 2 (ಎರಡು) ಹುದ್ದೆಗಳಿಗೆ ಸ್ನಾತಕೋತ್ತರ ಪದವಿ ಹೊಂದಿರುವ ವೈದ್ಯರನ್ನು ಗುತ್ತಿಗೆ ಆಧಾರದ ಮೇಲೆ ನೇಮಕ ಮಾಡಿಕೊಳ್ಳಲು ಅರ್ಜಿ ಆಹ್ವಾನಿಸಲಾಗಿದೆ. ಅರ್ಜಿಯೊಂದಿಗೆ ಸ್ವವಿವರ ಹಾಗೂ ಅಗತ್ಯ ದಾಖಲೆಗಳ ಪ್ರತಿಗಳನ್ನು ಲಗತ್ತಿಸಿ ದಿನಾಂಕ 02.05.2026 ರೊಳಗಾಗಿ ಈ ಕಛೇರಿಗೆ ಸಲ್ಲಿಸತಕ್ಕದ್ದು. ನಿಗದಿತ ದಿನಾಂಕದ ನಂತರ ಬಂದ ಅರ್ಜಿಗಳನ್ನು ಪರಿಗಣಿಸಲಾಗುವುದಿಲ್ಲ.
ಸಹಿ/- ಉಪನಿರ್ದೇಶಕರು, ಸರ್ಕಾರಿ ಹೈಟೆಕ್ ಪಂಚಕರ್ಮ ಆಸ್ಪತ್ರೆ, ಮೈಸೂರು-570020.
ವಾಕಾಇ/ಮೈಸೂರು/111/ಪಿಡಿಎ ಸಂಖ್ಯೆ/2026-27
ಕ್ಷಣ ಕ್ಷಣದ ಸುದ್ದಿಗಳಿಗೆ ನಮ್ಮ ವೆಬ್ಸೈಟ್ ನೋಡಿ
www.prathinidhi.net
